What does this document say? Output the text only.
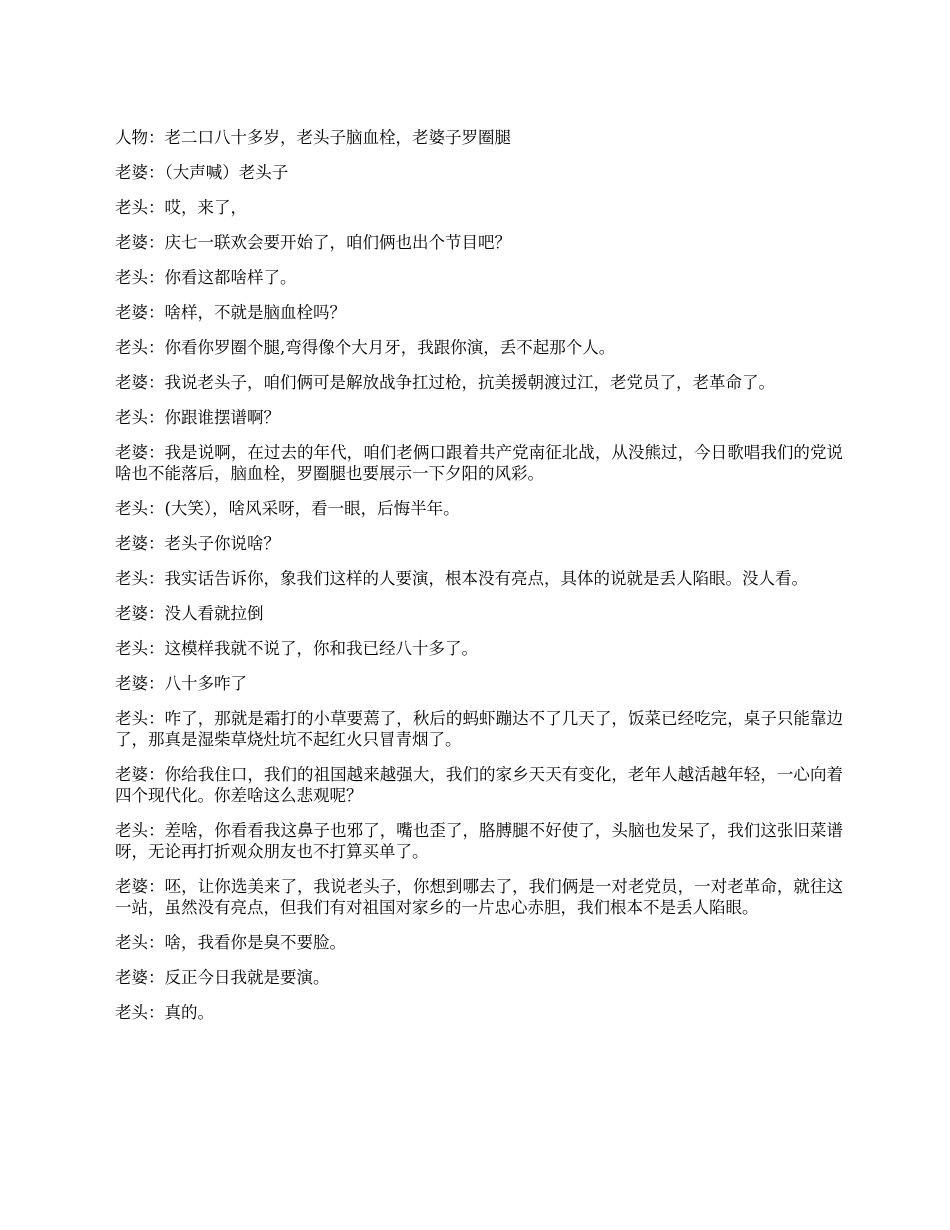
人物：老二口八十多岁，老头子脑血栓，老婆子罗圈腿

老婆：（大声喊）老头子

老头：哎，来了，

老婆：庆七一联欢会要开始了，咱们俩也出个节目吧？

老头：你看这都啥样了。

老婆：啥样，不就是脑血栓吗？

老头：你看你罗圈个腿,弯得像个大月牙，我跟你演，丢不起那个人。

老婆：我说老头子，咱们俩可是解放战争扛过枪，抗美援朝渡过江，老党员了，老革命了。

老头：你跟谁摆谱啊？

老婆：我是说啊，在过去的年代，咱们老俩口跟着共产党南征北战，从没熊过，今日歌唱我们的党说啥也不能落后，脑血栓，罗圈腿也要展示一下夕阳的风彩。

老头：(大笑），啥风采呀，看一眼，后悔半年。

老婆：老头子你说啥？

老头：我实话告诉你，象我们这样的人要演，根本没有亮点，具体的说就是丢人陷眼。没人看。

老婆：没人看就拉倒

老头：这模样我就不说了，你和我已经八十多了。

老婆：八十多咋了

老头：咋了，那就是霜打的小草要蔫了，秋后的蚂虾蹦达不了几天了，饭菜已经吃完，桌子只能靠边了，那真是湿柴草烧灶坑不起红火只冒青烟了。

老婆：你给我住口，我们的祖国越来越强大，我们的家乡天天有变化，老年人越活越年轻，一心向着四个现代化。你差啥这么悲观呢？

老头：差啥，你看看我这鼻子也邪了，嘴也歪了，胳膊腿不好使了，头脑也发呆了，我们这张旧菜谱呀，无论再打折观众朋友也不打算买单了。

老婆：呸，让你选美来了，我说老头子，你想到哪去了，我们俩是一对老党员，一对老革命，就往这一站，虽然没有亮点，但我们有对祖国对家乡的一片忠心赤胆，我们根本不是丢人陷眼。

老头：啥，我看你是臭不要脸。

老婆：反正今日我就是要演。

老头：真的。
